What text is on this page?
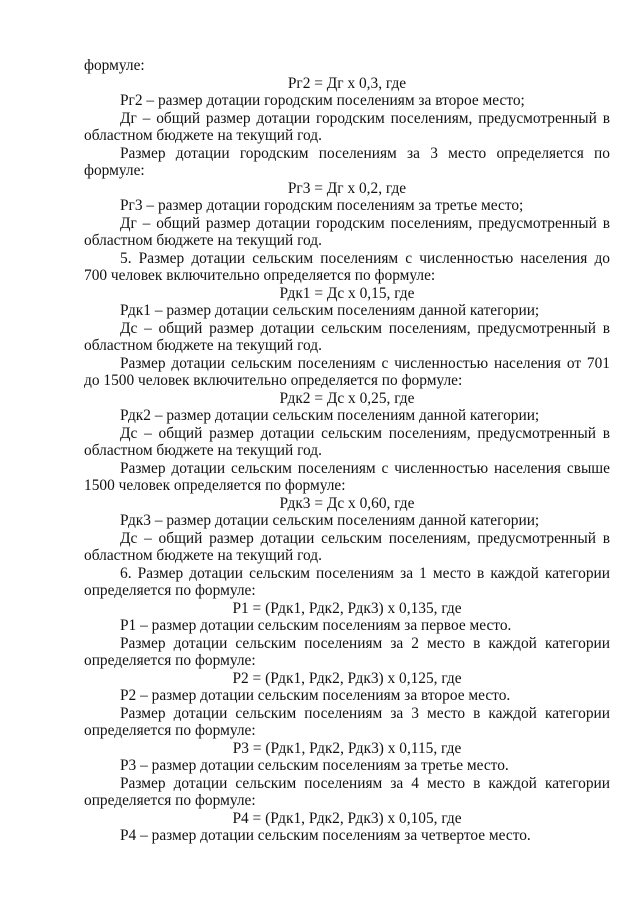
формуле:

Рг2 = Дг х 0,3, где

Рг2 – размер дотации городским поселениям за второе место;

Дг – общий размер дотации городским поселениям, предусмотренный в областном бюджете на текущий год.

Размер дотации городским поселениям за 3 место определяется по формуле:

Рг3 = Дг х 0,2, где

Рг3 – размер дотации городским поселениям за третье место;

Дг – общий размер дотации городским поселениям, предусмотренный в областном бюджете на текущий год.

5. Размер дотации сельским поселениям с численностью населения до 700 человек включительно определяется по формуле:

Рдк1 = Дс х 0,15, где

Рдк1 – размер дотации сельским поселениям данной категории;

Дс – общий размер дотации сельским поселениям, предусмотренный в областном бюджете на текущий год.

Размер дотации сельским поселениям с численностью населения от 701 до 1500 человек включительно определяется по формуле:

Рдк2 = Дс х 0,25, где

Рдк2 – размер дотации сельским поселениям данной категории;

Дс – общий размер дотации сельским поселениям, предусмотренный в областном бюджете на текущий год.

Размер дотации сельским поселениям с численностью населения свыше 1500 человек определяется по формуле:

Рдк3 = Дс х 0,60, где

Рдк3 – размер дотации сельским поселениям данной категории;

Дс – общий размер дотации сельским поселениям, предусмотренный в областном бюджете на текущий год.

6. Размер дотации сельским поселениям за 1 место в каждой категории определяется по формуле:

Р1 = (Рдк1, Рдк2, Рдк3) х 0,135, где

Р1 – размер дотации сельским поселениям за первое место.

Размер дотации сельским поселениям за 2 место в каждой категории определяется по формуле:

Р2 = (Рдк1, Рдк2, Рдк3) х 0,125, где

Р2 – размер дотации сельским поселениям за второе место.

Размер дотации сельским поселениям за 3 место в каждой категории определяется по формуле:

Р3 = (Рдк1, Рдк2, Рдк3) х 0,115, где

Р3 – размер дотации сельским поселениям за третье место.

Размер дотации сельским поселениям за 4 место в каждой категории определяется по формуле:

Р4 = (Рдк1, Рдк2, Рдк3) х 0,105, где

Р4 – размер дотации сельским поселениям за четвертое место.
